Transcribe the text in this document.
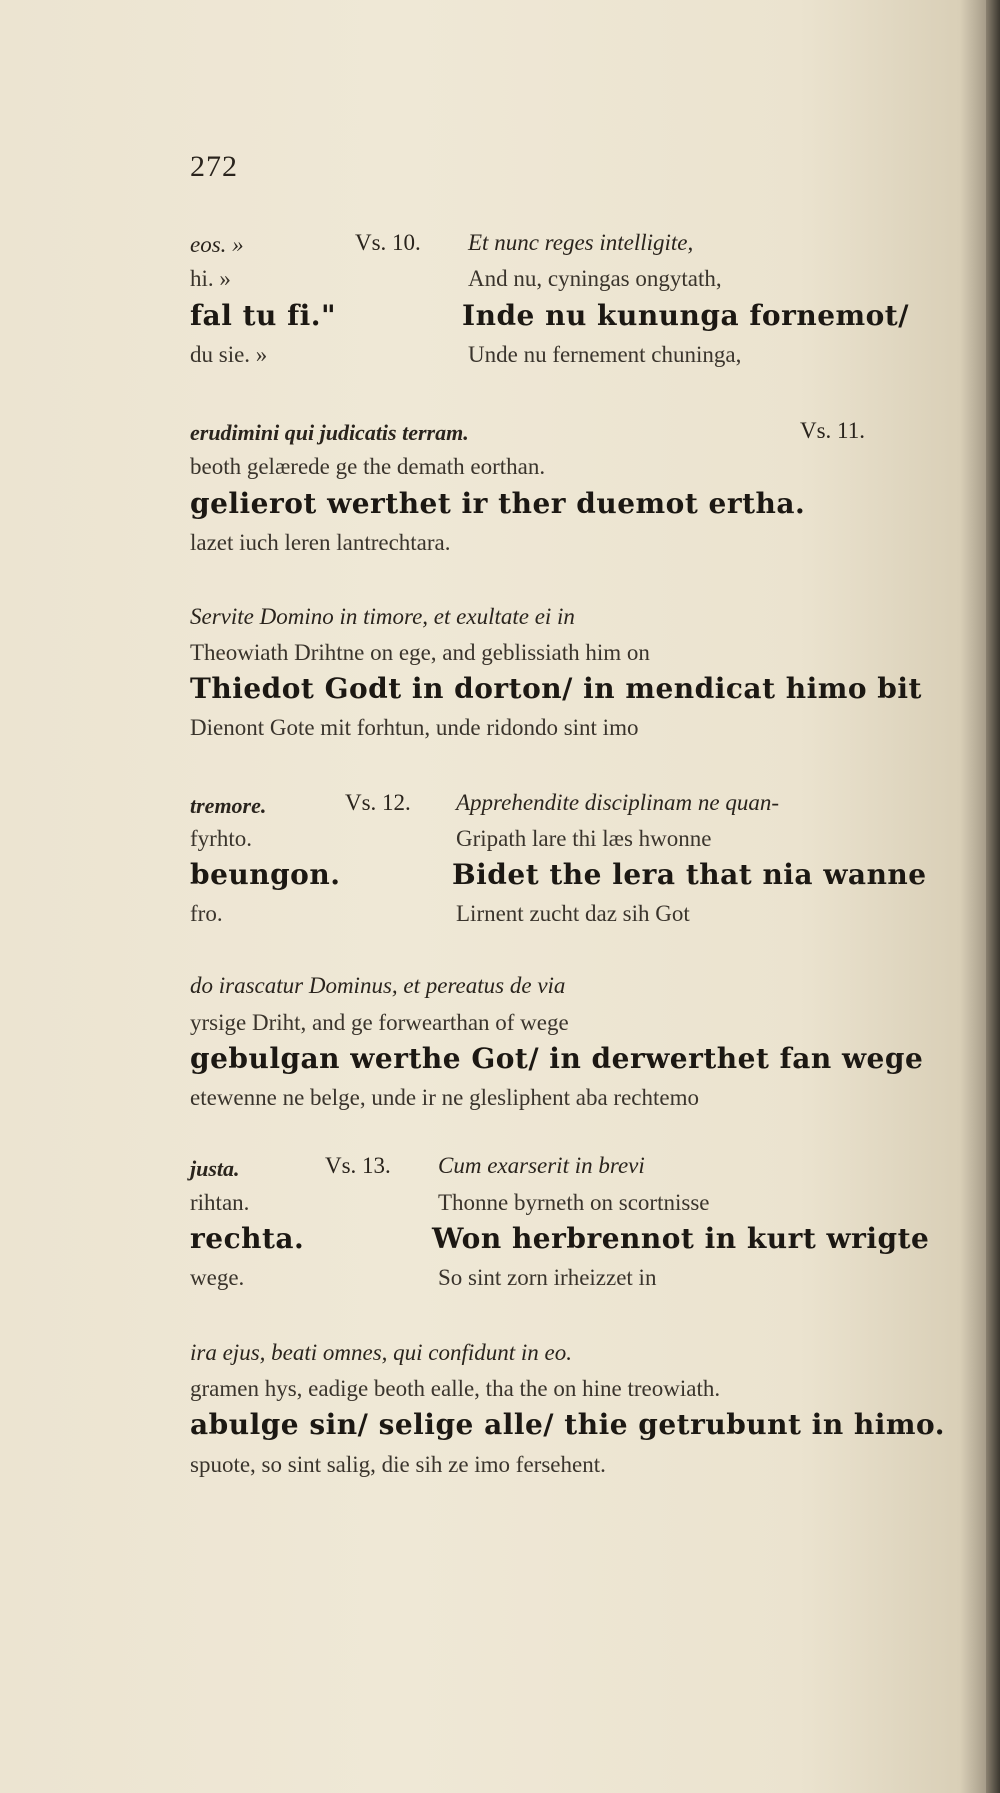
272
eos. »	Vs. 10. Et nunc reges intelligite,
hi. »	And nu, cyningas ongytath,
fal tu fi."	Inde nu kununga fornemot/
du sie. »	Unde nu fernement chuninga,
erudimini qui judicatis terram.	Vs. 11.
beoth gelærede ge the demath eorthan.
gelierot werthet ir ther duemot ertha.
lazet iuch leren lantrechtara.
Servite Domino in timore, et exultate ei in
Theowiath Drihtne on ege, and geblissiath him on
Thiedot Godt in dorton/ in mendicat himo bit
Dienont Gote mit forhtun, unde ridondo sint imo
tremore.	Vs. 12. Apprehendite disciplinam ne quan-
fyrhto.	Gripath lare thi læs hwonne
beungon.	Bidet the lera that nia wanne
fro.	Lirnent zucht daz sih Got
do irascatur Dominus, et pereatus de via
yrsige Driht, and ge forwearthan of wege
gebulgan werthe Got/ in derwerthet fan wege
etewenne ne belge, unde ir ne glesliphent aba rechtemo
justa.	Vs. 13. Cum exarserit in brevi
rihtan.	Thonne byrneth on scortnisse
rechta.	Won herbrennot in kurt wrigte
wege.	So sint zorn irheizzet in
ira ejus, beati omnes, qui confidunt in eo.
gramen hys, eadige beoth ealle, tha the on hine treowiath.
abulge sin/ selige alle/ thie getrubunt in himo.
spuote, so sint salig, die sih ze imo fersehent.
